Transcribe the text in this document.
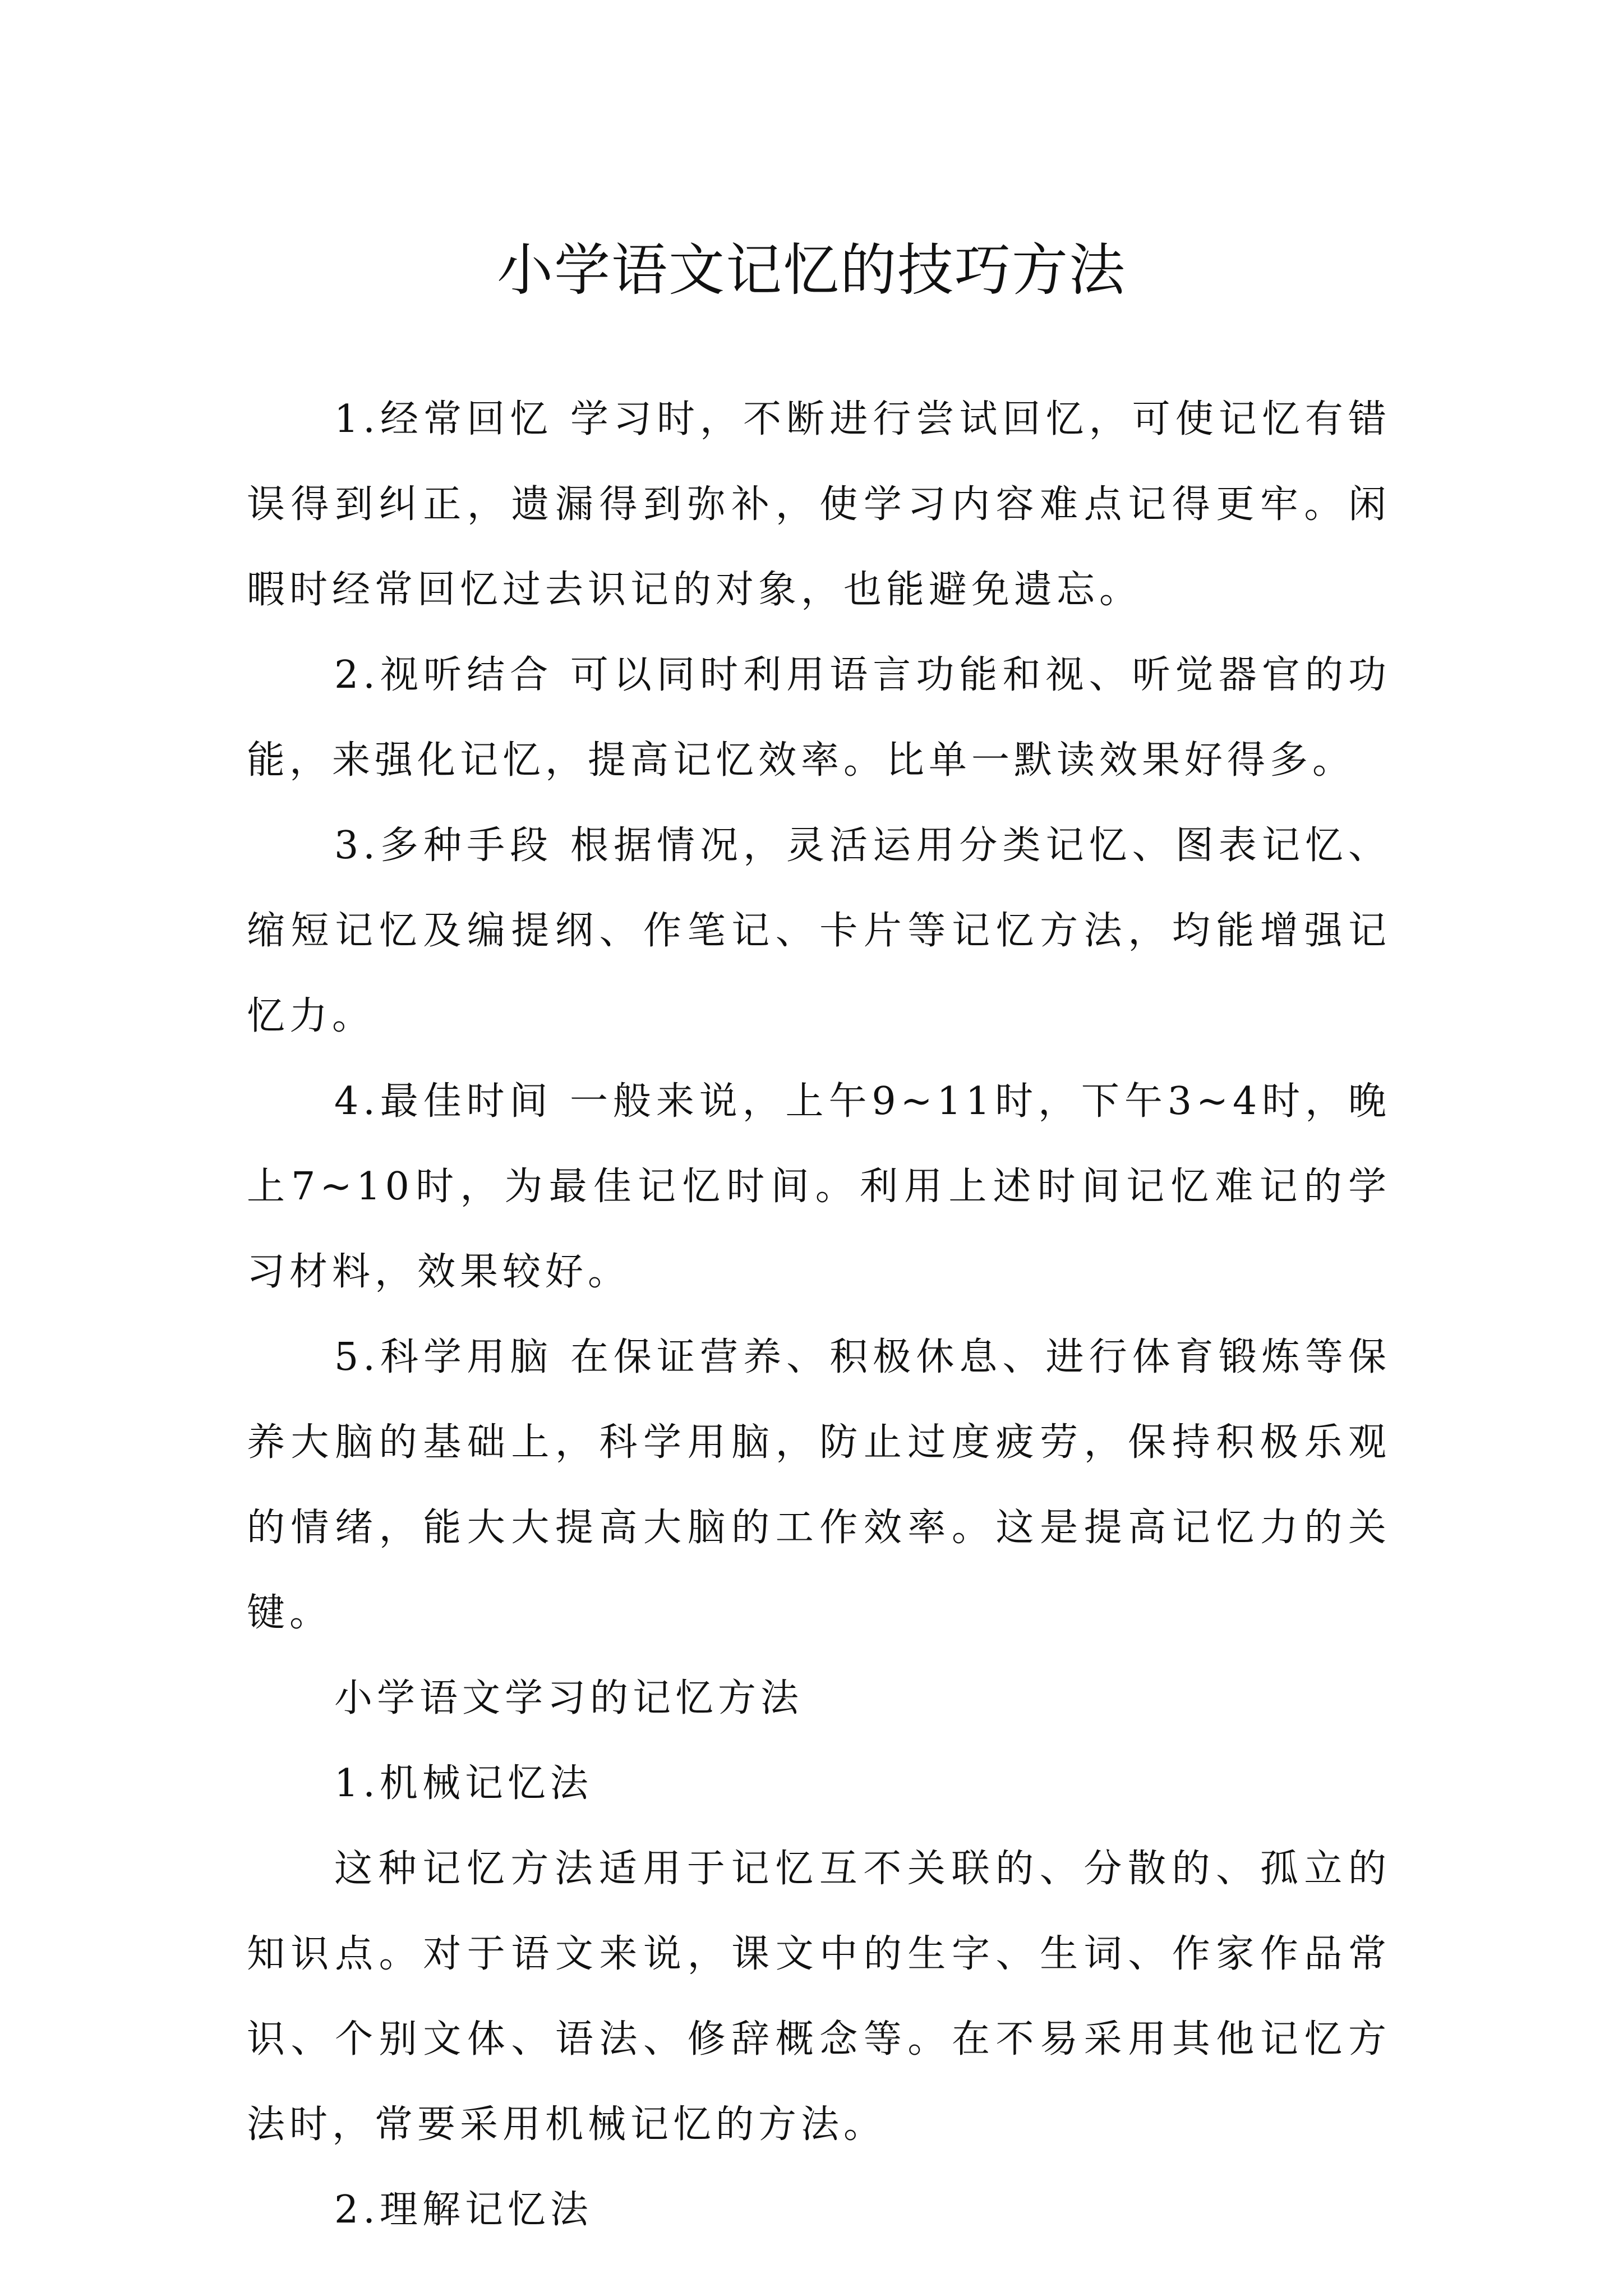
小学语文记忆的技巧方法

1.经常回忆 学习时，不断进行尝试回忆，可使记忆有错误得到纠正，遗漏得到弥补，使学习内容难点记得更牢。闲暇时经常回忆过去识记的对象，也能避免遗忘。

2.视听结合 可以同时利用语言功能和视、听觉器官的功能，来强化记忆，提高记忆效率。比单一默读效果好得多。

3.多种手段 根据情况，灵活运用分类记忆、图表记忆、缩短记忆及编提纲、作笔记、卡片等记忆方法，均能增强记忆力。

4.最佳时间 一般来说，上午9~11时，下午3~4时，晚上7~10时，为最佳记忆时间。利用上述时间记忆难记的学习材料，效果较好。

5.科学用脑 在保证营养、积极休息、进行体育锻炼等保养大脑的基础上，科学用脑，防止过度疲劳，保持积极乐观的情绪，能大大提高大脑的工作效率。这是提高记忆力的关键。

小学语文学习的记忆方法

1.机械记忆法

这种记忆方法适用于记忆互不关联的、分散的、孤立的知识点。对于语文来说，课文中的生字、生词、作家作品常识、个别文体、语法、修辞概念等。在不易采用其他记忆方法时，常要采用机械记忆的方法。

2.理解记忆法
